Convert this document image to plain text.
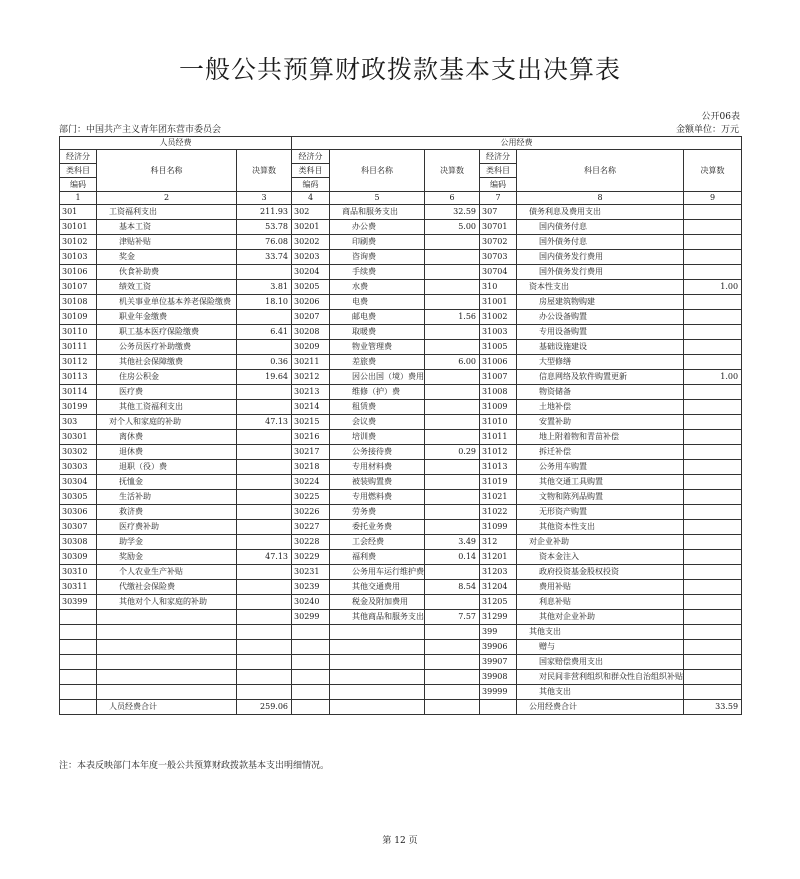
一般公共预算财政拨款基本支出决算表
公开06表
部门：中国共产主义青年团东营市委员会	金额单位：万元
人员经费			公用经费					
经济分	科目名称	决算数	经济分	科目名称	决算数	经济分	科目名称	决算数
类科目			类科目			类科目		
编码			编码			编码		
1	2	3	4	5	6	7	8	9
301	工资福利支出	211.93	302	商品和服务支出	32.59	307	债务利息及费用支出	
30101	基本工资	53.78	30201	办公费	5.00	30701	国内债务付息	
30102	津贴补贴	76.08	30202	印刷费		30702	国外债务付息	
30103	奖金	33.74	30203	咨询费		30703	国内债务发行费用	
30106	伙食补助费		30204	手续费		30704	国外债务发行费用	
30107	绩效工资	3.81	30205	水费		310	资本性支出	1.00
30108	机关事业单位基本养老保险缴费	18.10	30206	电费		31001	房屋建筑物购建	
30109	职业年金缴费		30207	邮电费	1.56	31002	办公设备购置	
30110	职工基本医疗保险缴费	6.41	30208	取暖费		31003	专用设备购置	
30111	公务员医疗补助缴费		30209	物业管理费		31005	基础设施建设	
30112	其他社会保障缴费	0.36	30211	差旅费	6.00	31006	大型修缮	
30113	住房公积金	19.64	30212	因公出国（境）费用		31007	信息网络及软件购置更新	1.00
30114	医疗费		30213	维修（护）费		31008	物资储备	
30199	其他工资福利支出		30214	租赁费		31009	土地补偿	
303	对个人和家庭的补助	47.13	30215	会议费		31010	安置补助	
30301	离休费		30216	培训费		31011	地上附着物和青苗补偿	
30302	退休费		30217	公务接待费	0.29	31012	拆迁补偿	
30303	退职（役）费		30218	专用材料费		31013	公务用车购置	
30304	抚恤金		30224	被装购置费		31019	其他交通工具购置	
30305	生活补助		30225	专用燃料费		31021	文物和陈列品购置	
30306	救济费		30226	劳务费		31022	无形资产购置	
30307	医疗费补助		30227	委托业务费		31099	其他资本性支出	
30308	助学金		30228	工会经费	3.49	312	对企业补助	
30309	奖励金	47.13	30229	福利费	0.14	31201	资本金注入	
30310	个人农业生产补贴		30231	公务用车运行维护费		31203	政府投资基金股权投资	
30311	代缴社会保险费		30239	其他交通费用	8.54	31204	费用补贴	
30399	其他对个人和家庭的补助		30240	税金及附加费用		31205	利息补贴	
			30299	其他商品和服务支出	7.57	31299	其他对企业补助	
						399	其他支出	
						39906	赠与	
						39907	国家赔偿费用支出	
						39908	对民间非营利组织和群众性自治组织补贴	
						39999	其他支出	
	人员经费合计	259.06					公用经费合计	33.59
注：本表反映部门本年度一般公共预算财政拨款基本支出明细情况。
第 12 页
